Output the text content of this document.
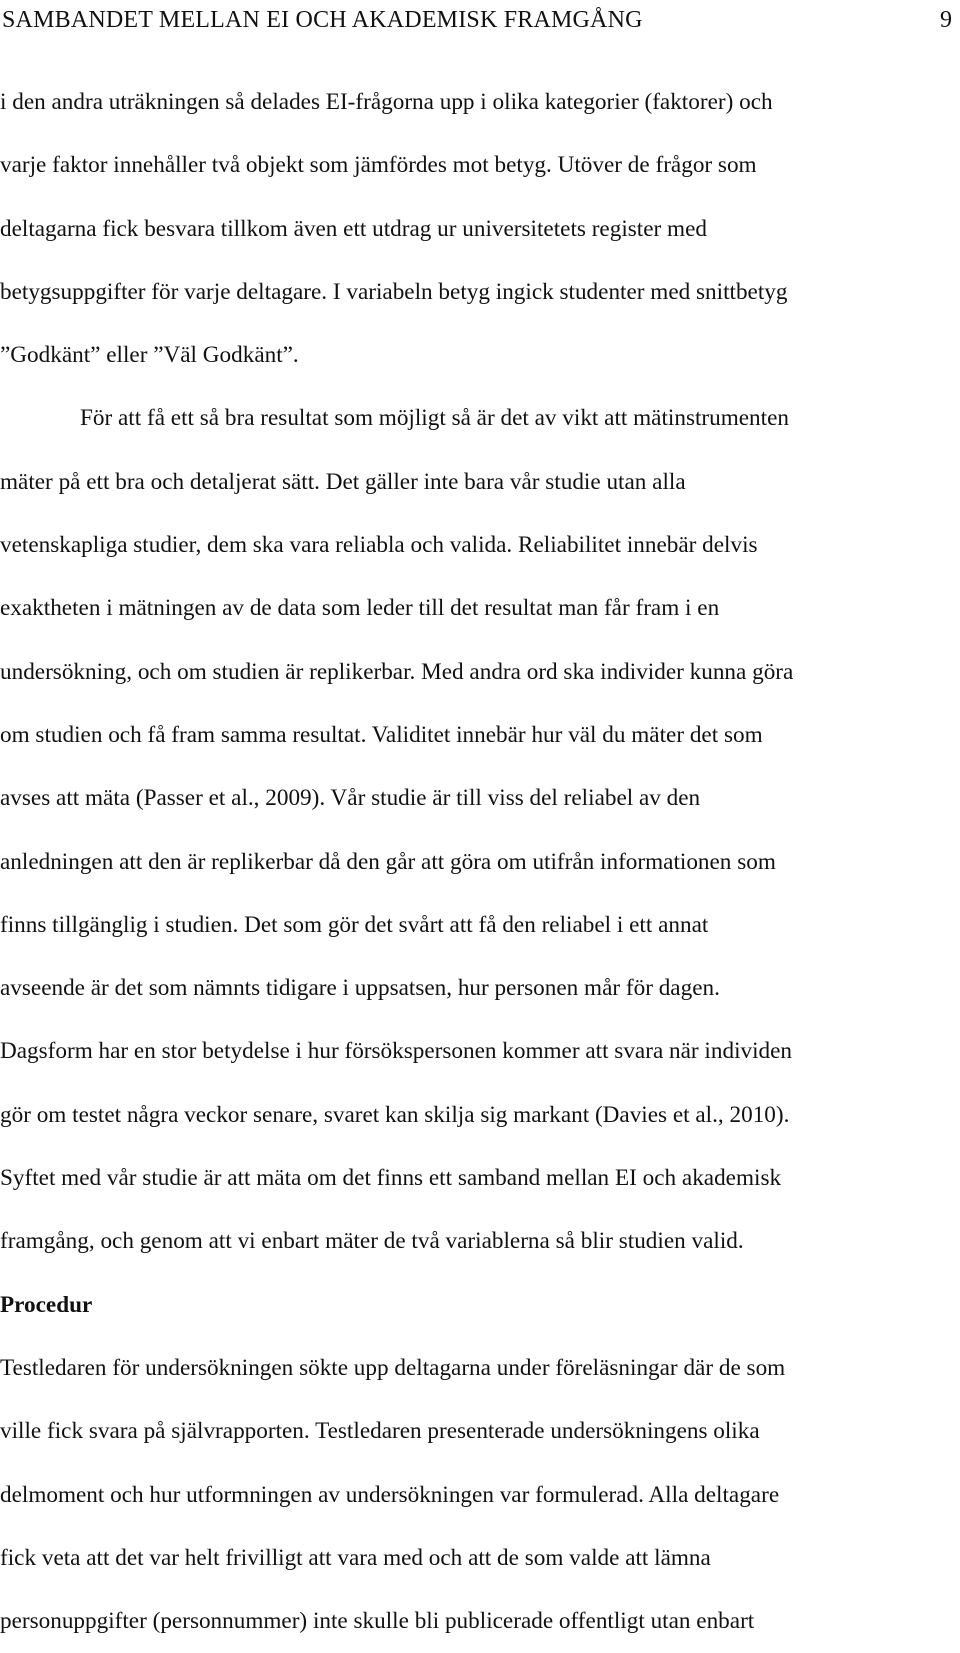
SAMBANDET MELLAN EI OCH AKADEMISK FRAMGÅNG	9
i den andra uträkningen så delades EI-frågorna upp i olika kategorier (faktorer) och
varje faktor innehåller två objekt som jämfördes mot betyg. Utöver de frågor som
deltagarna fick besvara tillkom även ett utdrag ur universitetets register med
betygsuppgifter för varje deltagare. I variabeln betyg ingick studenter med snittbetyg
”Godkänt” eller ”Väl Godkänt”.
För att få ett så bra resultat som möjligt så är det av vikt att mätinstrumenten
mäter på ett bra och detaljerat sätt. Det gäller inte bara vår studie utan alla
vetenskapliga studier, dem ska vara reliabla och valida. Reliabilitet innebär delvis
exaktheten i mätningen av de data som leder till det resultat man får fram i en
undersökning, och om studien är replikerbar. Med andra ord ska individer kunna göra
om studien och få fram samma resultat. Validitet innebär hur väl du mäter det som
avses att mäta (Passer et al., 2009). Vår studie är till viss del reliabel av den
anledningen att den är replikerbar då den går att göra om utifrån informationen som
finns tillgänglig i studien. Det som gör det svårt att få den reliabel i ett annat
avseende är det som nämnts tidigare i uppsatsen, hur personen mår för dagen.
Dagsform har en stor betydelse i hur försökspersonen kommer att svara när individen
gör om testet några veckor senare, svaret kan skilja sig markant (Davies et al., 2010).
Syftet med vår studie är att mäta om det finns ett samband mellan EI och akademisk
framgång, och genom att vi enbart mäter de två variablerna så blir studien valid.
Procedur
Testledaren för undersökningen sökte upp deltagarna under föreläsningar där de som
ville fick svara på självrapporten. Testledaren presenterade undersökningens olika
delmoment och hur utformningen av undersökningen var formulerad. Alla deltagare
fick veta att det var helt frivilligt att vara med och att de som valde att lämna
personuppgifter (personnummer) inte skulle bli publicerade offentligt utan enbart
